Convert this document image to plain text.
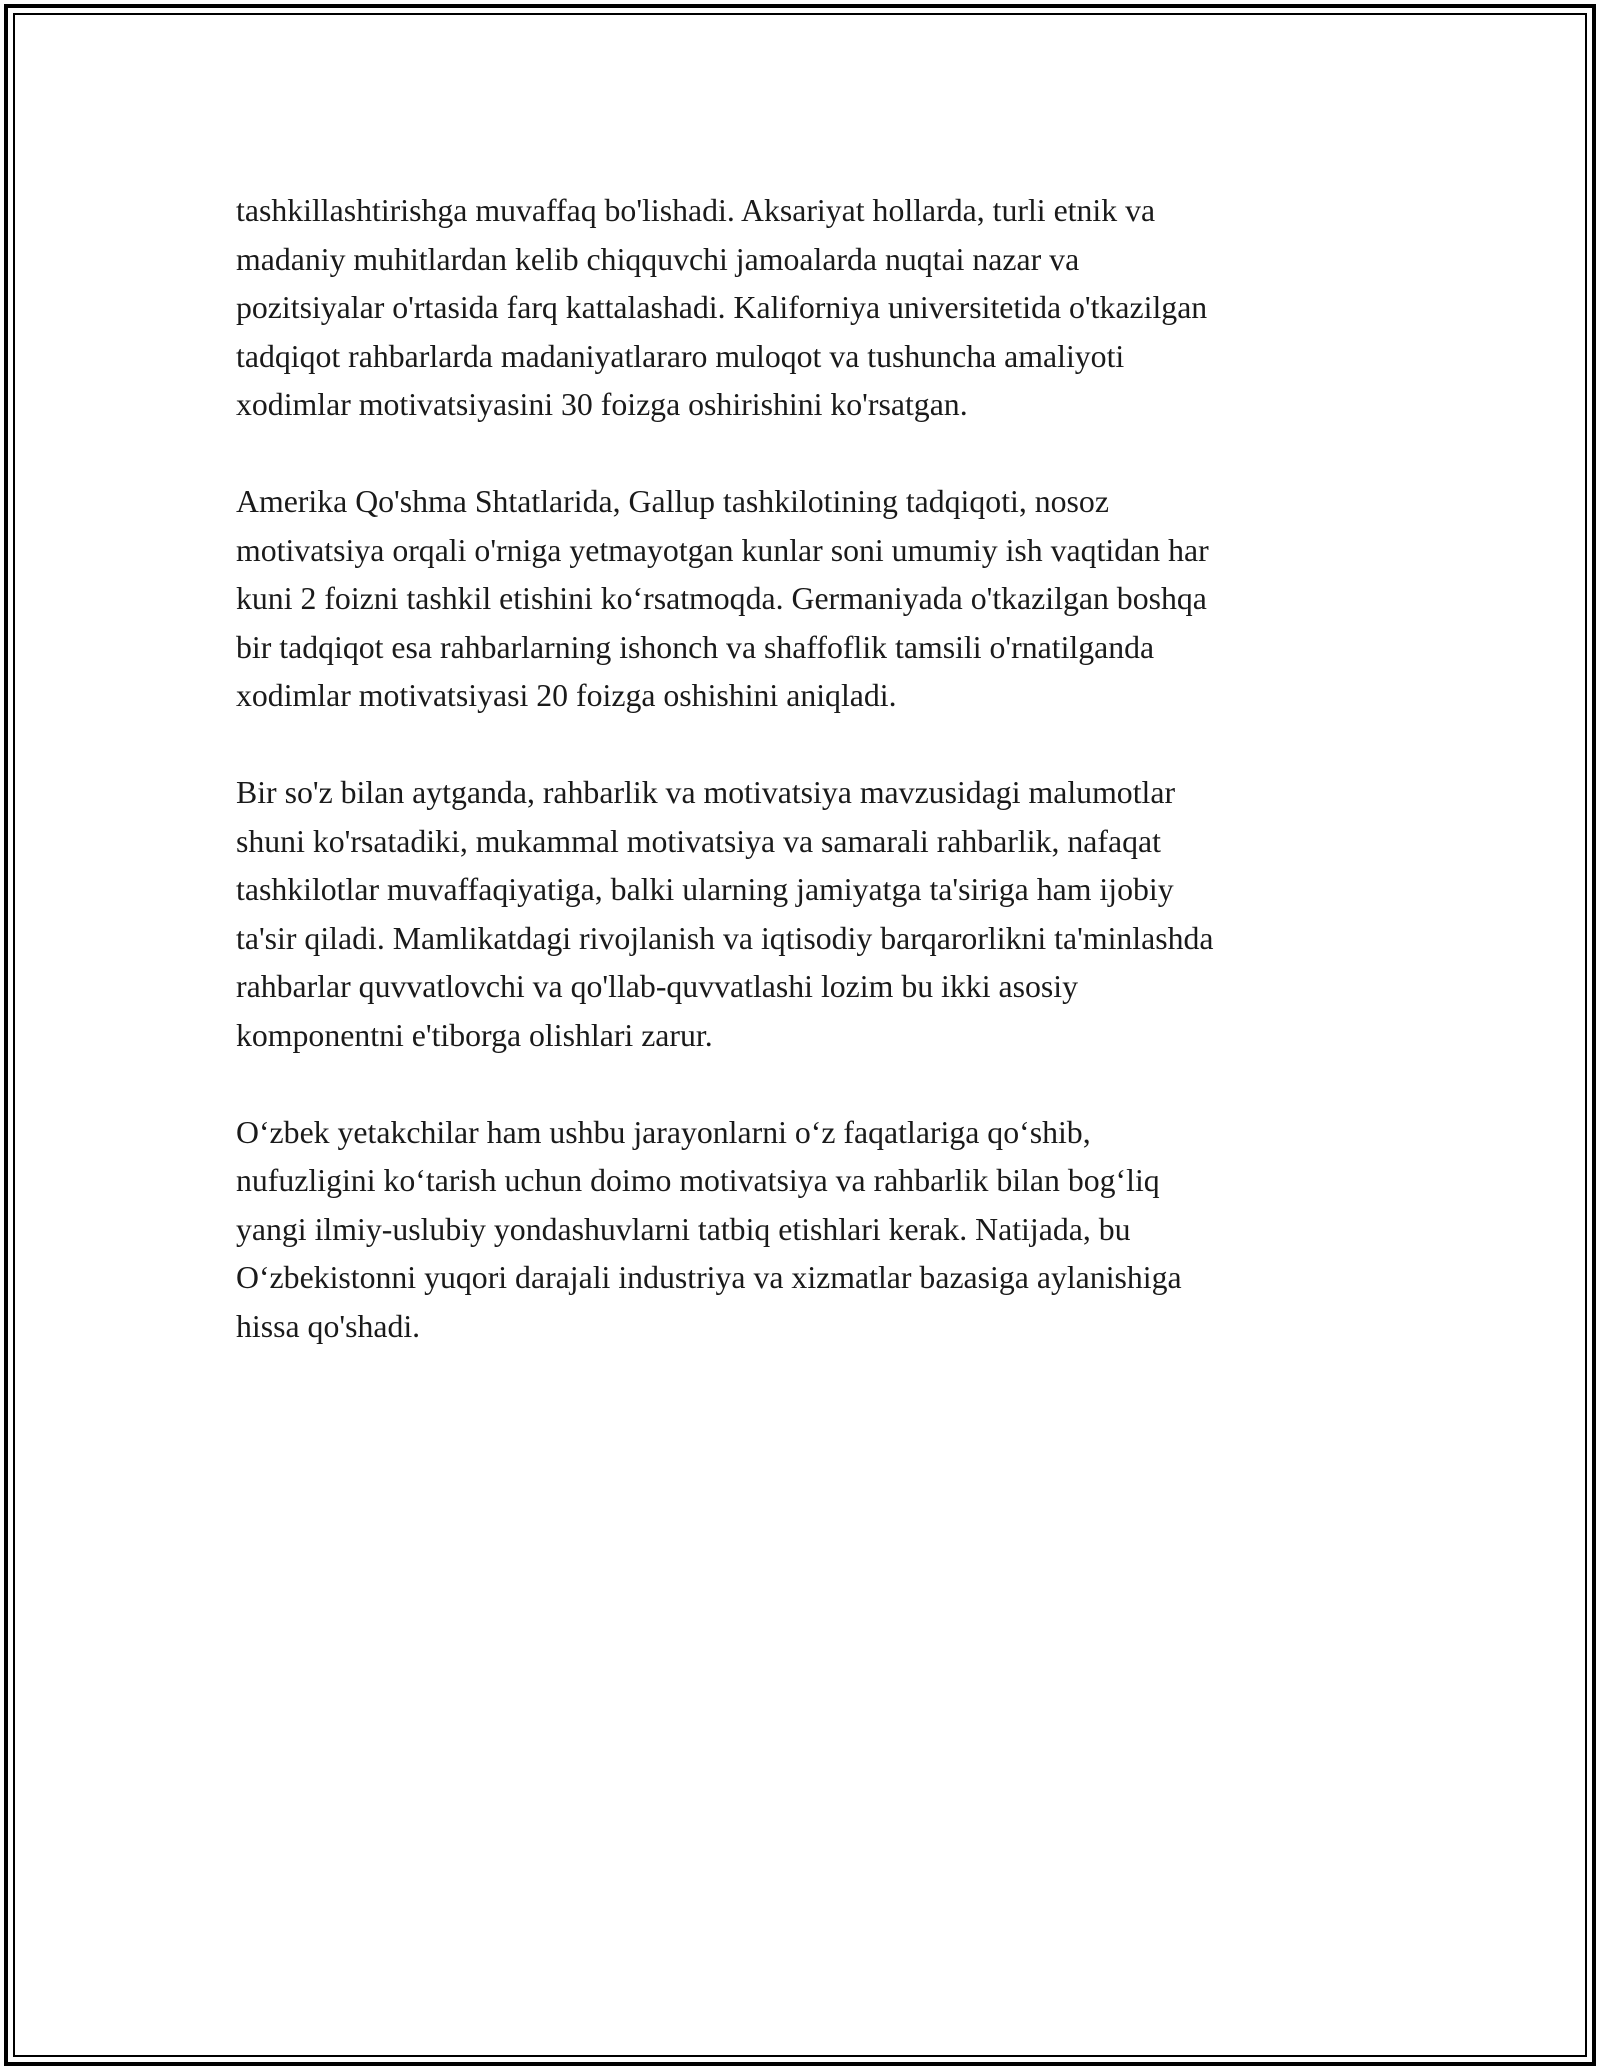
tashkillashtirishga muvaffaq bo'lishadi. Aksariyat hollarda, turli etnik va
madaniy muhitlardan kelib chiqquvchi jamoalarda nuqtai nazar va
pozitsiyalar o'rtasida farq kattalashadi. Kaliforniya universitetida o'tkazilgan
tadqiqot rahbarlarda madaniyatlararo muloqot va tushuncha amaliyoti
xodimlar motivatsiyasini 30 foizga oshirishini ko'rsatgan.

Amerika Qo'shma Shtatlarida, Gallup tashkilotining tadqiqoti, nosoz
motivatsiya orqali o'rniga yetmayotgan kunlar soni umumiy ish vaqtidan har
kuni 2 foizni tashkil etishini koʻrsatmoqda. Germaniyada o'tkazilgan boshqa
bir tadqiqot esa rahbarlarning ishonch va shaffoflik tamsili o'rnatilganda
xodimlar motivatsiyasi 20 foizga oshishini aniqladi.

Bir so'z bilan aytganda, rahbarlik va motivatsiya mavzusidagi malumotlar
shuni ko'rsatadiki, mukammal motivatsiya va samarali rahbarlik, nafaqat
tashkilotlar muvaffaqiyatiga, balki ularning jamiyatga ta'siriga ham ijobiy
ta'sir qiladi. Mamlikatdagi rivojlanish va iqtisodiy barqarorlikni ta'minlashda
rahbarlar quvvatlovchi va qo'llab-quvvatlashi lozim bu ikki asosiy
komponentni e'tiborga olishlari zarur.

Oʻzbek yetakchilar ham ushbu jarayonlarni oʻz faqatlariga qoʻshib,
nufuzligini koʻtarish uchun doimo motivatsiya va rahbarlik bilan bogʻliq
yangi ilmiy-uslubiy yondashuvlarni tatbiq etishlari kerak. Natijada, bu
Oʻzbekistonni yuqori darajali industriya va xizmatlar bazasiga aylanishiga
hissa qo'shadi.
